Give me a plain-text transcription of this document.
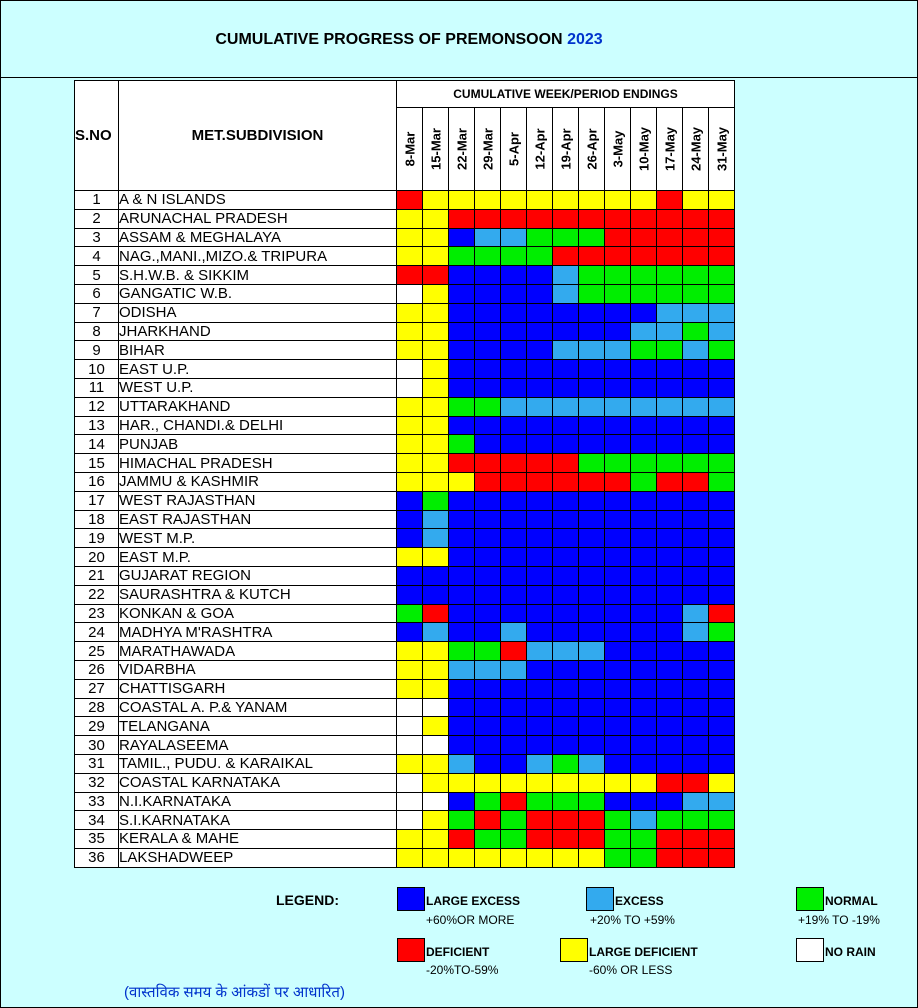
CUMULATIVE PROGRESS OF PREMONSOON 2023
S.NO	MET.SUBDIVISION	CUMULATIVE WEEK/PERIOD ENDINGS												

		8-Mar	15-Mar	22-Mar	29-Mar	5-Apr	12-Apr	19-Apr	26-Apr	3-May	10-May	17-May	24-May	31-May

1	A & N ISLANDS													
2	ARUNACHAL PRADESH													
3	ASSAM & MEGHALAYA													
4	NAG.,MANI.,MIZO.& TRIPURA													
5	S.H.W.B. & SIKKIM													
6	GANGATIC W.B.													
7	ODISHA													
8	JHARKHAND													
9	BIHAR													
10	EAST U.P.													
11	WEST U.P.													
12	UTTARAKHAND													
13	HAR., CHANDI.& DELHI													
14	PUNJAB													
15	HIMACHAL PRADESH													
16	JAMMU & KASHMIR													
17	WEST RAJASTHAN													
18	EAST RAJASTHAN													
19	WEST M.P.													
20	EAST M.P.													
21	GUJARAT REGION													
22	SAURASHTRA & KUTCH													
23	KONKAN & GOA													
24	MADHYA M'RASHTRA													
25	MARATHAWADA													
26	VIDARBHA													
27	CHATTISGARH													
28	COASTAL A. P.& YANAM													
29	TELANGANA													
30	RAYALASEEMA													
31	TAMIL., PUDU. & KARAIKAL													
32	COASTAL KARNATAKA													
33	N.I.KARNATAKA													
34	S.I.KARNATAKA													
35	KERALA & MAHE													
36	LAKSHADWEEP													
LEGEND:	LARGE EXCESS
+60%OR MORE
EXCESS
+20% TO +59%
NORMAL
+19% TO -19%
DEFICIENT
-20%TO-59%
LARGE DEFICIENT
-60% OR LESS
NO RAIN
(वास्तविक समय के आंकडों पर आधारित)
